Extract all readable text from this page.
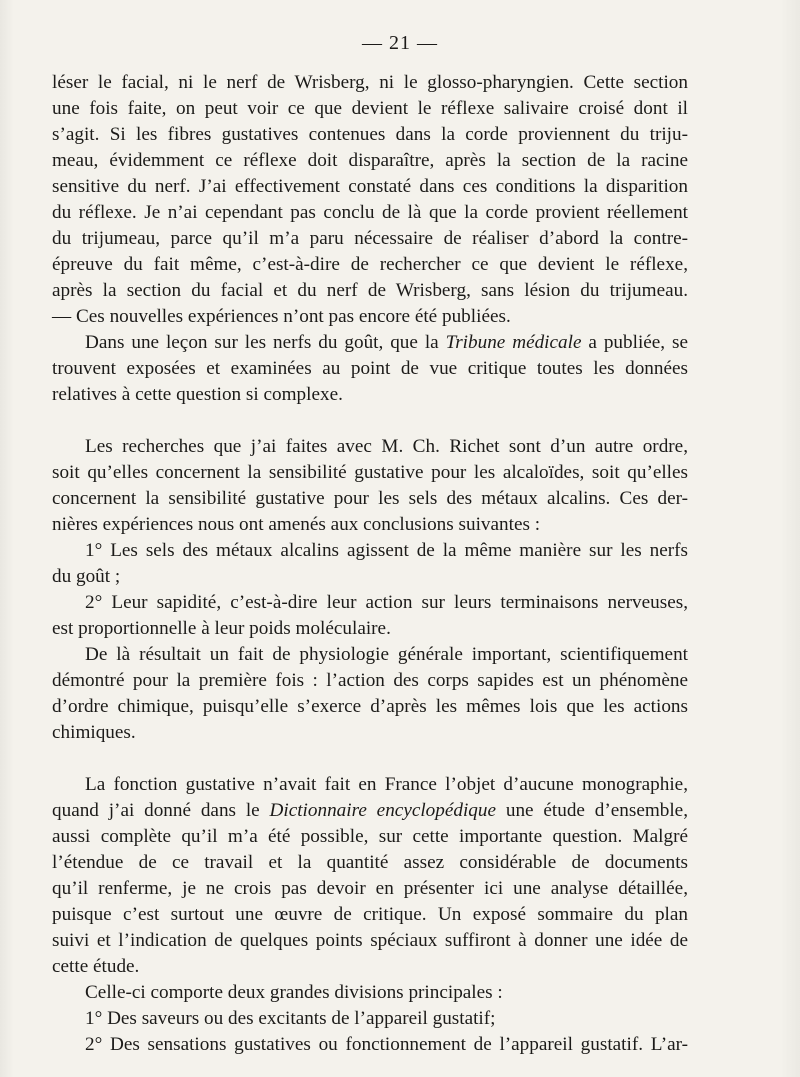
— 21 —
léser le facial, ni le nerf de Wrisberg, ni le glosso-pharyngien. Cette section
une fois faite, on peut voir ce que devient le réflexe salivaire croisé dont il
s’agit. Si les fibres gustatives contenues dans la corde proviennent du triju-
meau, évidemment ce réflexe doit disparaître, après la section de la racine
sensitive du nerf. J’ai effectivement constaté dans ces conditions la disparition
du réflexe. Je n’ai cependant pas conclu de là que la corde provient réellement
du trijumeau, parce qu’il m’a paru nécessaire de réaliser d’abord la contre-
épreuve du fait même, c’est-à-dire de rechercher ce que devient le réflexe,
après la section du facial et du nerf de Wrisberg, sans lésion du trijumeau.
— Ces nouvelles expériences n’ont pas encore été publiées.
Dans une leçon sur les nerfs du goût, que la Tribune médicale a publiée, se
trouvent exposées et examinées au point de vue critique toutes les données
relatives à cette question si complexe.
Les recherches que j’ai faites avec M. Ch. Richet sont d’un autre ordre,
soit qu’elles concernent la sensibilité gustative pour les alcaloïdes, soit qu’elles
concernent la sensibilité gustative pour les sels des métaux alcalins. Ces der-
nières expériences nous ont amenés aux conclusions suivantes :
1° Les sels des métaux alcalins agissent de la même manière sur les nerfs
du goût ;
2° Leur sapidité, c’est-à-dire leur action sur leurs terminaisons nerveuses,
est proportionnelle à leur poids moléculaire.
De là résultait un fait de physiologie générale important, scientifiquement
démontré pour la première fois : l’action des corps sapides est un phénomène
d’ordre chimique, puisqu’elle s’exerce d’après les mêmes lois que les actions
chimiques.
La fonction gustative n’avait fait en France l’objet d’aucune monographie,
quand j’ai donné dans le Dictionnaire encyclopédique une étude d’ensemble,
aussi complète qu’il m’a été possible, sur cette importante question. Malgré
l’étendue de ce travail et la quantité assez considérable de documents
qu’il renferme, je ne crois pas devoir en présenter ici une analyse détaillée,
puisque c’est surtout une œuvre de critique. Un exposé sommaire du plan
suivi et l’indication de quelques points spéciaux suffiront à donner une idée de
cette étude.
Celle-ci comporte deux grandes divisions principales :
1° Des saveurs ou des excitants de l’appareil gustatif;
2° Des sensations gustatives ou fonctionnement de l’appareil gustatif. L’ar-
